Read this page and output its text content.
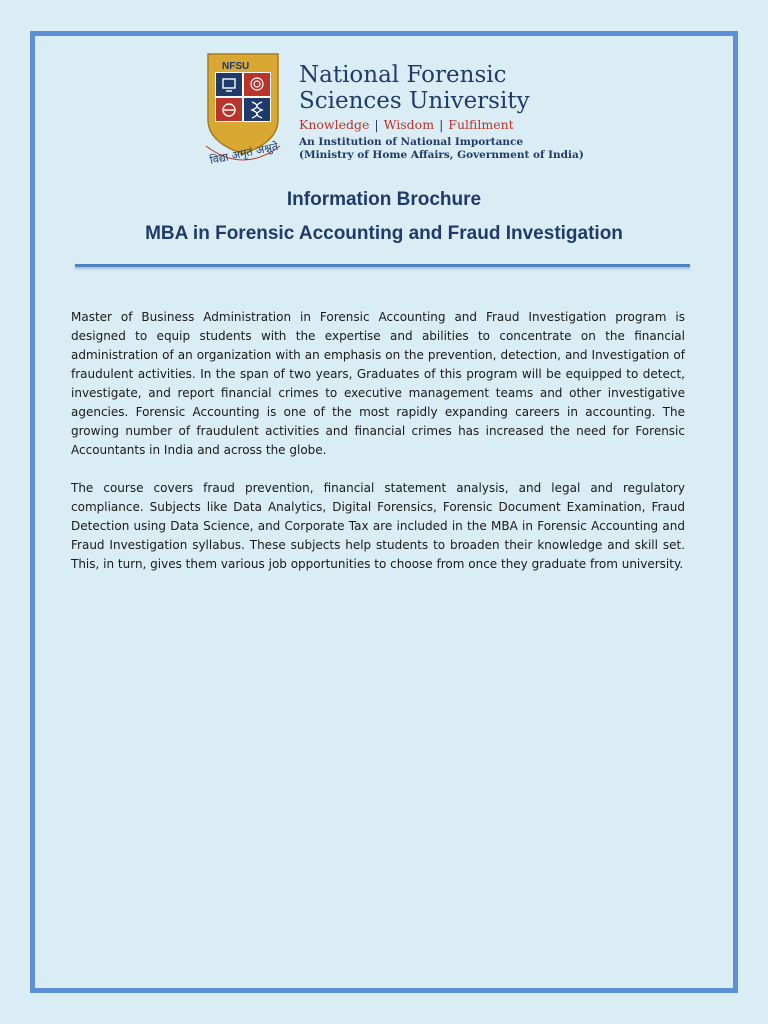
NFSU
विद्या अमृतं अश्नुते
National Forensic
Sciences University
Knowledge | Wisdom | Fulfilment
An Institution of National Importance
(Ministry of Home Affairs, Government of India)
Information Brochure
MBA in Forensic Accounting and Fraud Investigation

Master of Business Administration in Forensic Accounting and Fraud Investigation program is designed to equip students with the expertise and abilities to concentrate on the financial administration of an organization with an emphasis on the prevention, detection, and Investigation of fraudulent activities. In the span of two years, Graduates of this program will be equipped to detect, investigate, and report financial crimes to executive management teams and other investigative agencies. Forensic Accounting is one of the most rapidly expanding careers in accounting. The growing number of fraudulent activities and financial crimes has increased the need for Forensic Accountants in India and across the globe.

The course covers fraud prevention, financial statement analysis, and legal and regulatory compliance. Subjects like Data Analytics, Digital Forensics, Forensic Document Examination, Fraud Detection using Data Science, and Corporate Tax are included in the MBA in Forensic Accounting and Fraud Investigation syllabus. These subjects help students to broaden their knowledge and skill set. This, in turn, gives them various job opportunities to choose from once they graduate from university.
